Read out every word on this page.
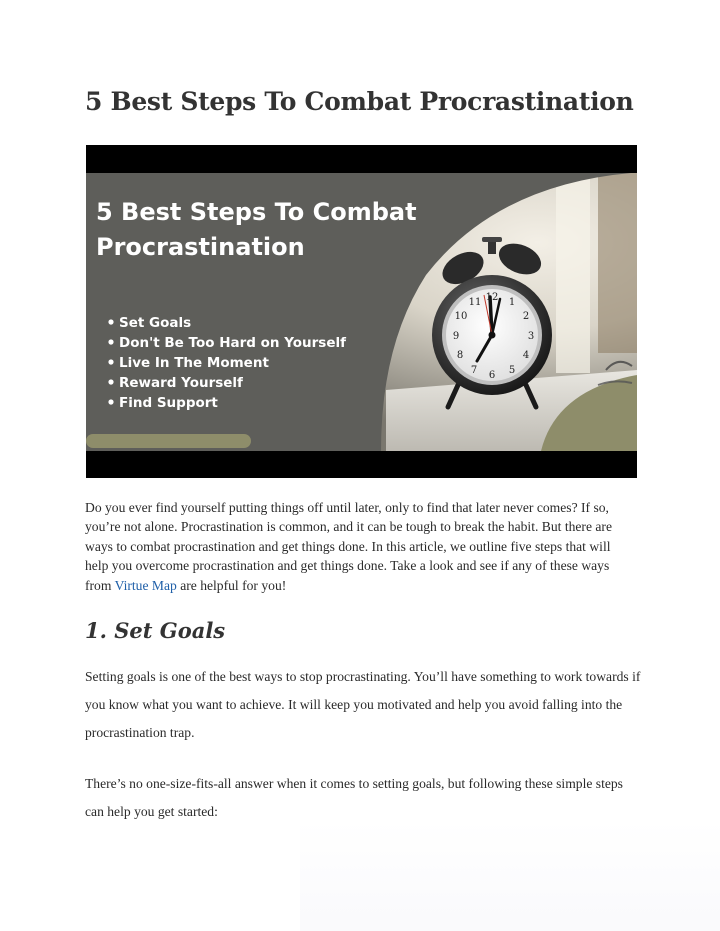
5 Best Steps To Combat Procrastination
12 1
2
3
4
5
6
7
8
9
10
11
5 Best Steps To Combat
Procrastination
Set Goals
Don't Be Too Hard on Yourself
Live In The Moment
Reward Yourself
Find Support

Do you ever find yourself putting things off until later, only to find that later never comes? If so, you’re not alone. Procrastination is common, and it can be tough to break the habit. But there are ways to combat procrastination and get things done. In this article, we outline five steps that will help you overcome procrastination and get things done. Take a look and see if any of these ways from Virtue Map are helpful for you!

1. Set Goals

Setting goals is one of the best ways to stop procrastinating. You’ll have something to work towards if you know what you want to achieve. It will keep you motivated and help you avoid falling into the procrastination trap.

There’s no one-size-fits-all answer when it comes to setting goals, but following these simple steps can help you get started:
